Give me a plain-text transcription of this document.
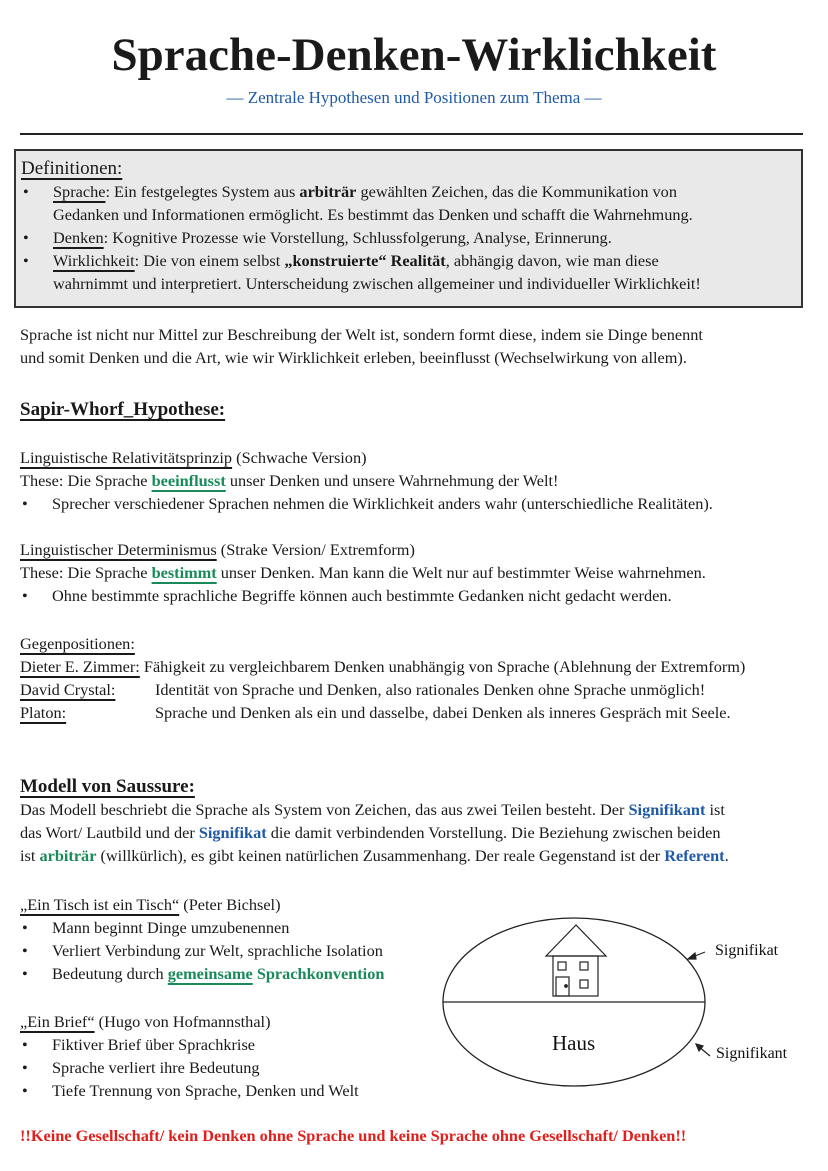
Sprache-Denken-Wirklichkeit
— Zentrale Hypothesen und Positionen zum Thema —
Definitionen:
• Sprache: Ein festgelegtes System aus arbiträr gewählten Zeichen, das die Kommunikation von
Gedanken und Informationen ermöglicht. Es bestimmt das Denken und schafft die Wahrnehmung.
• Denken: Kognitive Prozesse wie Vorstellung, Schlussfolgerung, Analyse, Erinnerung.
• Wirklichkeit: Die von einem selbst „konstruierte“ Realität, abhängig davon, wie man diese
wahrnimmt und interpretiert. Unterscheidung zwischen allgemeiner und individueller Wirklichkeit!
Sprache ist nicht nur Mittel zur Beschreibung der Welt ist, sondern formt diese, indem sie Dinge benennt
und somit Denken und die Art, wie wir Wirklichkeit erleben, beeinflusst (Wechselwirkung von allem).
Sapir-Whorf_Hypothese:
Linguistische Relativitätsprinzip (Schwache Version)
These: Die Sprache beeinflusst unser Denken und unsere Wahrnehmung der Welt!
• Sprecher verschiedener Sprachen nehmen die Wirklichkeit anders wahr (unterschiedliche Realitäten).
Linguistischer Determinismus (Strake Version/ Extremform)
These: Die Sprache bestimmt unser Denken. Man kann die Welt nur auf bestimmter Weise wahrnehmen.
• Ohne bestimmte sprachliche Begriffe können auch bestimmte Gedanken nicht gedacht werden.
Gegenpositionen:
Dieter E. Zimmer: Fähigkeit zu vergleichbarem Denken unabhängig von Sprache (Ablehnung der Extremform)
David Crystal: Identität von Sprache und Denken, also rationales Denken ohne Sprache unmöglich!
Platon:	Sprache und Denken als ein und dasselbe, dabei Denken als inneres Gespräch mit Seele.
Modell von Saussure:
Das Modell beschriebt die Sprache als System von Zeichen, das aus zwei Teilen besteht. Der Signifikant ist
das Wort/ Lautbild und der Signifikat die damit verbindenden Vorstellung. Die Beziehung zwischen beiden
ist arbiträr (willkürlich), es gibt keinen natürlichen Zusammenhang. Der reale Gegenstand ist der Referent.
„Ein Tisch ist ein Tisch“ (Peter Bichsel)
• Mann beginnt Dinge umzubenennen
• Verliert Verbindung zur Welt, sprachliche Isolation
• Bedeutung durch gemeinsame Sprachkonvention
„Ein Brief“ (Hugo von Hofmannsthal)
• Fiktiver Brief über Sprachkrise
• Sprache verliert ihre Bedeutung
• Tiefe Trennung von Sprache, Denken und Welt
Haus
Signifikat
Signifikant
!!Keine Gesellschaft/ kein Denken ohne Sprache und keine Sprache ohne Gesellschaft/ Denken!!
